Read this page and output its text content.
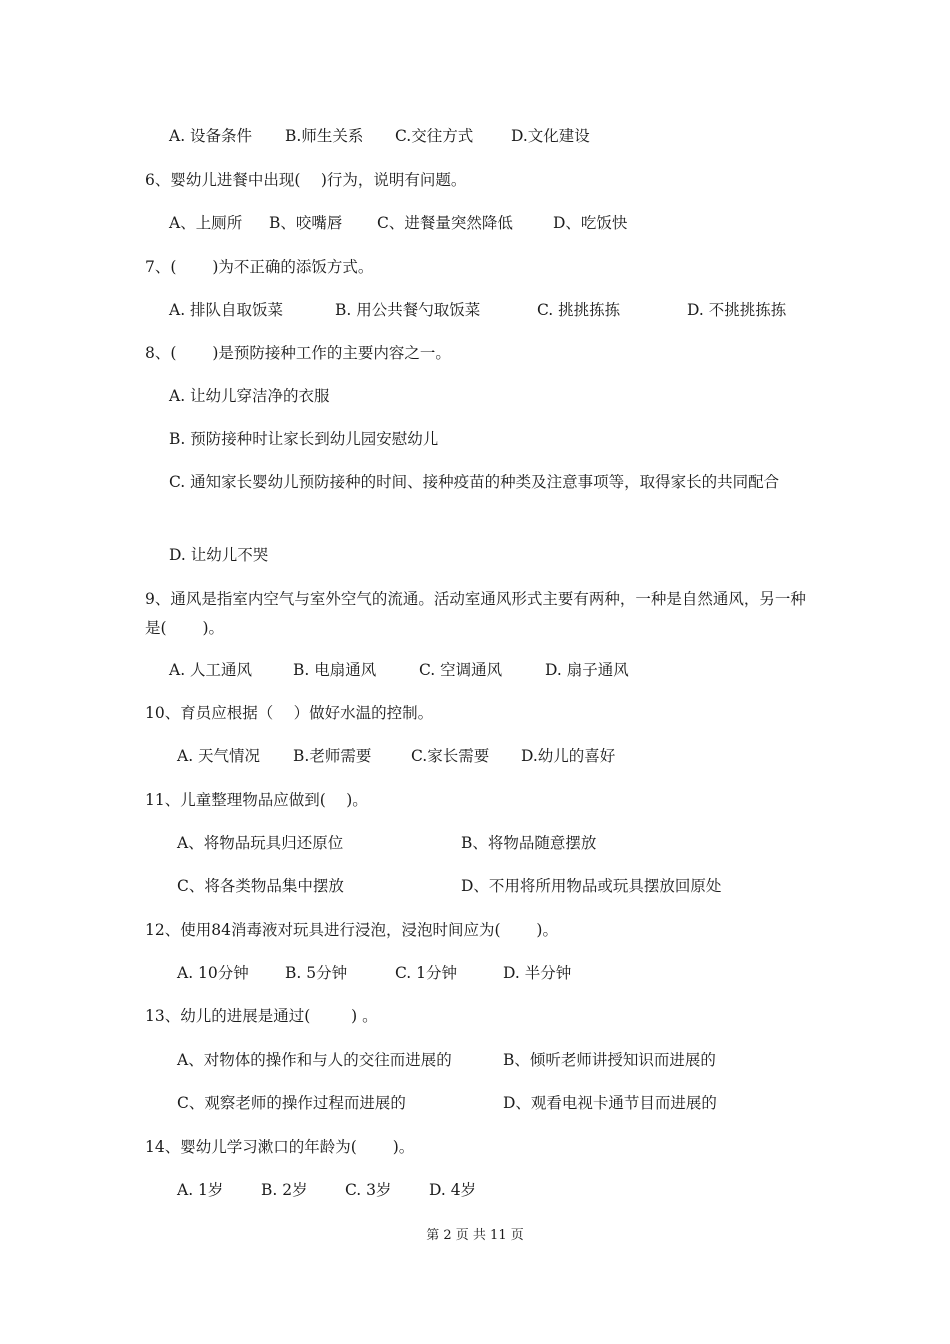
A. 设备条件 B.师生关系 C.交往方式 D.文化建设
6、婴幼儿进餐中出现(　 )行为，说明有问题。
A、上厕所 B、咬嘴唇 C、进餐量突然降低	D、吃饭快
7、(　 　)为不正确的添饭方式。
A. 排队自取饭菜	B. 用公共餐勺取饭菜	C. 挑挑拣拣	D. 不挑挑拣拣
8、(　 　)是预防接种工作的主要内容之一。
A. 让幼儿穿洁净的衣服
B. 预防接种时让家长到幼儿园安慰幼儿
C. 通知家长婴幼儿预防接种的时间、接种疫苗的种类及注意事项等，取得家长的共同配合
D. 让幼儿不哭
9、通风是指室内空气与室外空气的流通。活动室通风形式主要有两种，一种是自然通风，另一种是(　 　)。
A. 人工通风	B. 电扇通风	C. 空调通风	D. 扇子通风
10、育员应根据（　 ）做好水温的控制。
A. 天气情况 B.老师需要	C.家长需要 D.幼儿的喜好
11、儿童整理物品应做到(　 )。
A、将物品玩具归还原位	B、将物品随意摆放
C、将各类物品集中摆放	D、不用将所用物品或玩具摆放回原处
12、使用84消毒液对玩具进行浸泡，浸泡时间应为(　 　)。
A. 10分钟 B. 5分钟	C. 1分钟	D. 半分钟
13、幼儿的进展是通过(　 　 ) 。
A、对物体的操作和与人的交往而进展的	B、倾听老师讲授知识而进展的
C、观察老师的操作过程而进展的	D、观看电视卡通节目而进展的
14、婴幼儿学习漱口的年龄为(　 　)。
A. 1岁 B. 2岁 C. 3岁 D. 4岁
第 2 页 共 11 页
